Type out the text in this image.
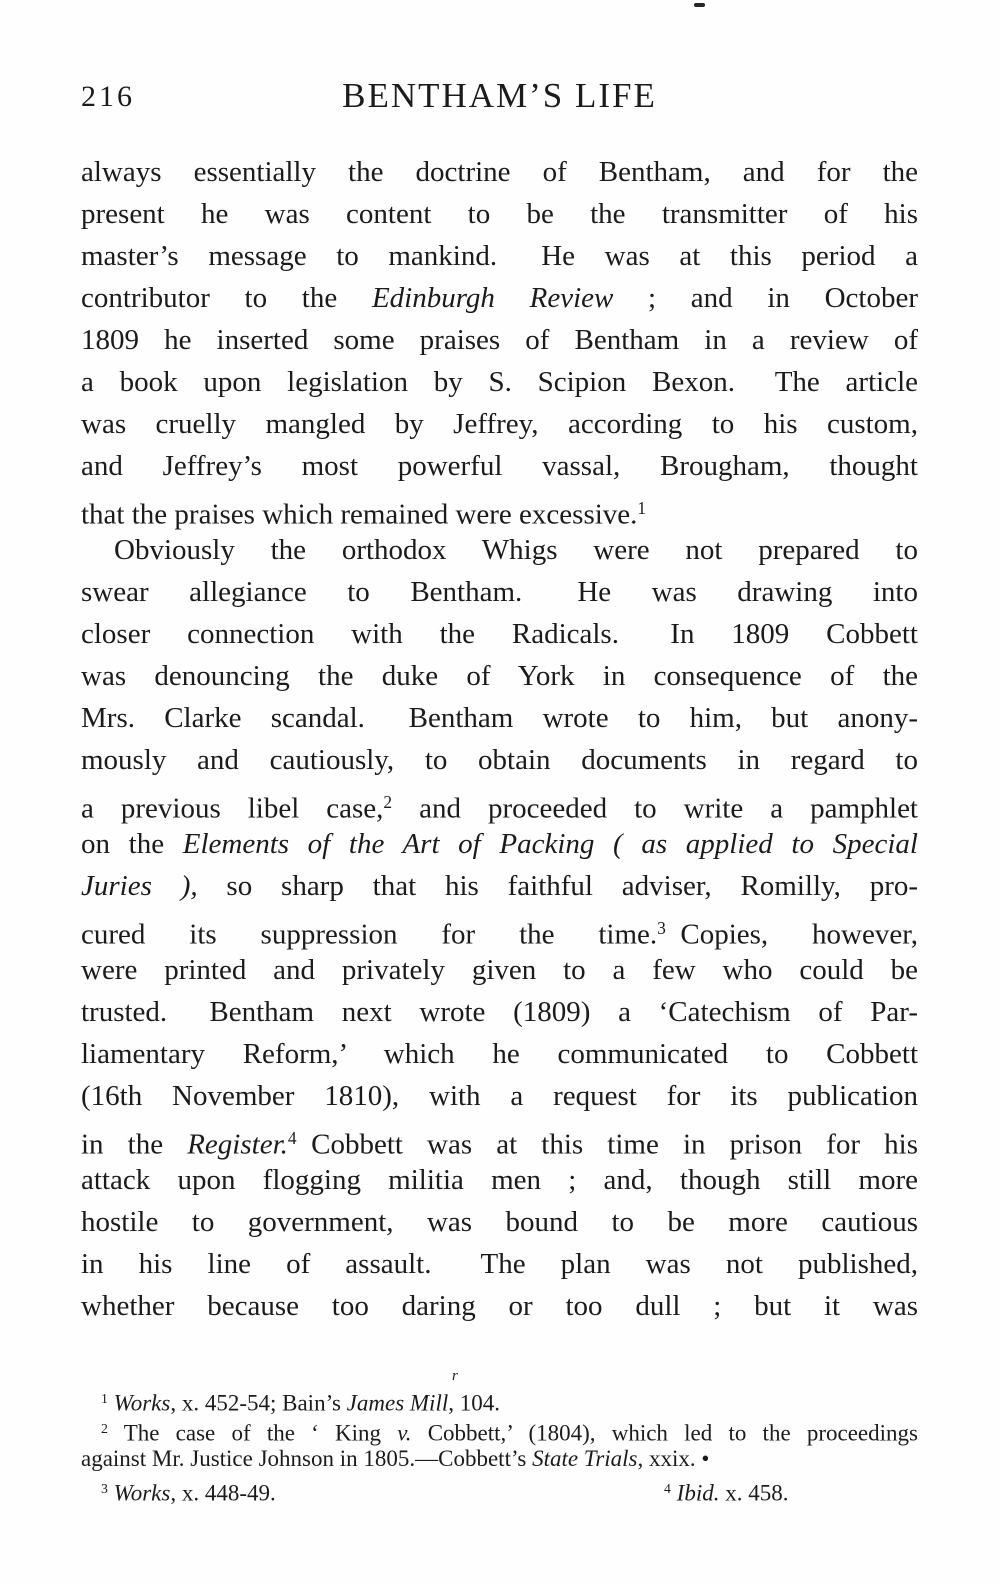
216	BENTHAM’S LIFE
always essentially the doctrine of Bentham, and for the
present he was content to be the transmitter of his
master’s message to mankind.  He was at this period a
contributor to the Edinburgh Review ; and in October
1809 he inserted some praises of Bentham in a review of
a book upon legislation by S. Scipion Bexon.  The article
was cruelly mangled by Jeffrey, according to his custom,
and Jeffrey’s most powerful vassal, Brougham, thought
that the praises which remained were excessive.$^1$
Obviously the orthodox Whigs were not prepared to
swear allegiance to Bentham.  He was drawing into
closer connection with the Radicals.  In 1809 Cobbett
was denouncing the duke of York in consequence of the
Mrs. Clarke scandal.  Bentham wrote to him, but anony-
mously and cautiously, to obtain documents in regard to
a previous libel case,$^2$ and proceeded to write a pamphlet
on the Elements of the Art of Packing ( as applied to Special
Juries ), so sharp that his faithful adviser, Romilly, pro-
cured its suppression for the time.$^3$ Copies, however,
were printed and privately given to a few who could be
trusted.  Bentham next wrote (1809) a ‘Catechism of Par-
liamentary Reform,’ which he communicated to Cobbett
(16th November 1810), with a request for its publication
in the Register.$^4$ Cobbett was at this time in prison for his
attack upon flogging militia men ; and, though still more
hostile to government, was bound to be more cautious
in his line of assault.  The plan was not published,
whether because too daring or too dull ; but it was
r
$^1$ Works, x. 452-54; Bain’s James Mill, 104.
$^2$ The case of the ‘ King v. Cobbett,’ (1804), which led to the proceedings
against Mr. Justice Johnson in 1805.—Cobbett’s State Trials, xxix. •
$^3$ Works, x. 448-49.	$^4$ Ibid. x. 458.
